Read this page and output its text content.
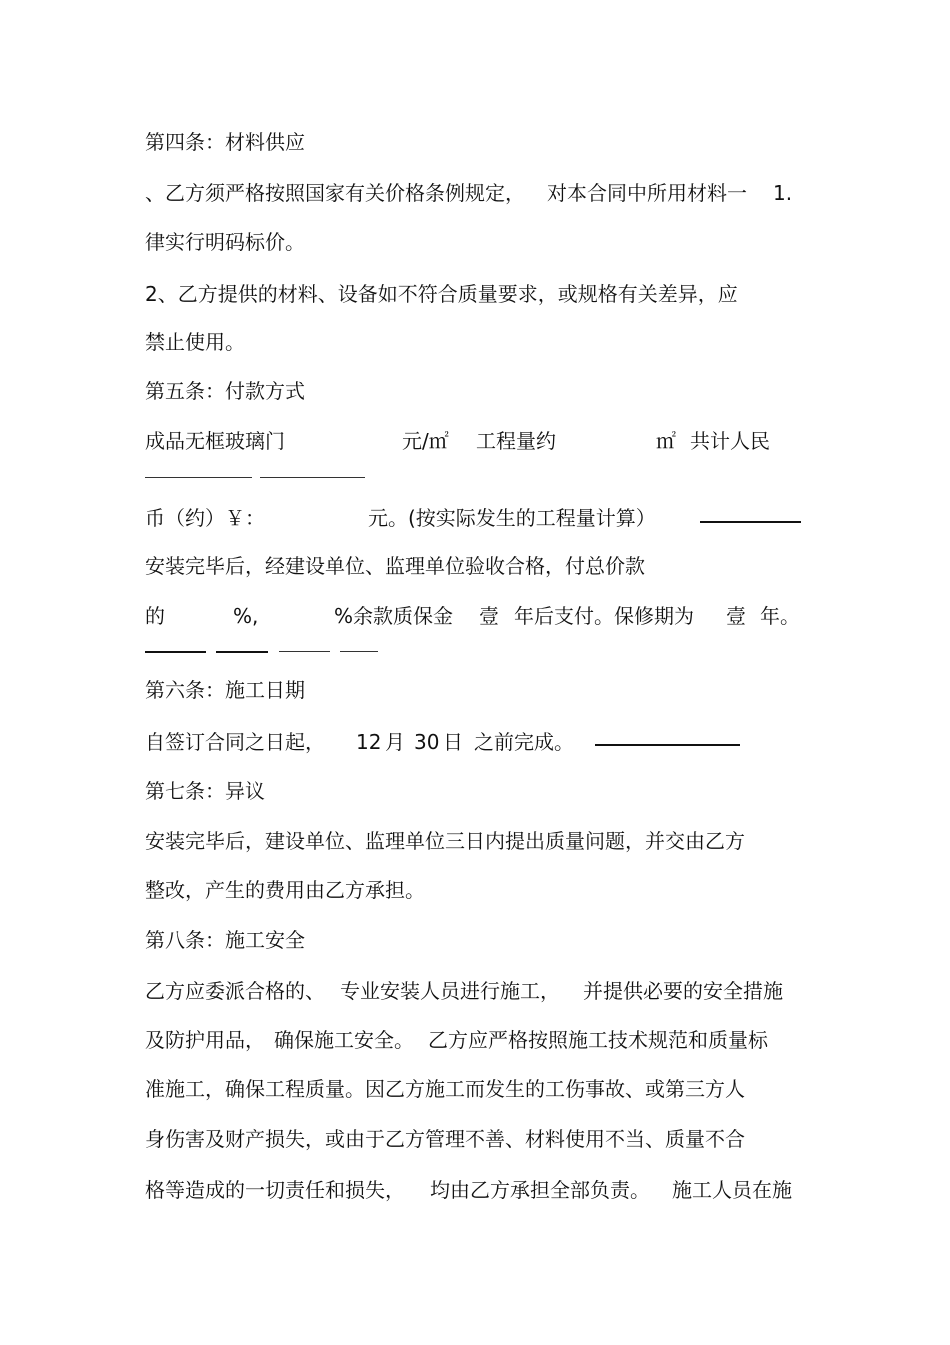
第四条：材料供应
、乙方须严格按照国家有关价格条例规定， 对本合同中所用材料一 1.
律实行明码标价。
2、乙方提供的材料、设备如不符合质量要求，或规格有关差异，应
禁止使用。
第五条：付款方式
成品无框玻璃门	元/㎡ 工程量约	㎡ 共计人民
币（约）￥：	元。(按实际发生的工程量计算）
安装完毕后，经建设单位、监理单位验收合格，付总价款
的	%,	%余款质保金 壹 年后支付。保修期为 壹 年。
第六条：施工日期
自签订合同之日起， 12 月 30 日 之前完成。
第七条：异议
安装完毕后，建设单位、监理单位三日内提出质量问题，并交由乙方
整改，产生的费用由乙方承担。
第八条：施工安全
乙方应委派合格的、 专业安装人员进行施工， 并提供必要的安全措施
及防护用品， 确保施工安全。 乙方应严格按照施工技术规范和质量标
准施工，确保工程质量。因乙方施工而发生的工伤事故、或第三方人
身伤害及财产损失，或由于乙方管理不善、材料使用不当、质量不合
格等造成的一切责任和损失， 均由乙方承担全部负责。 施工人员在施
